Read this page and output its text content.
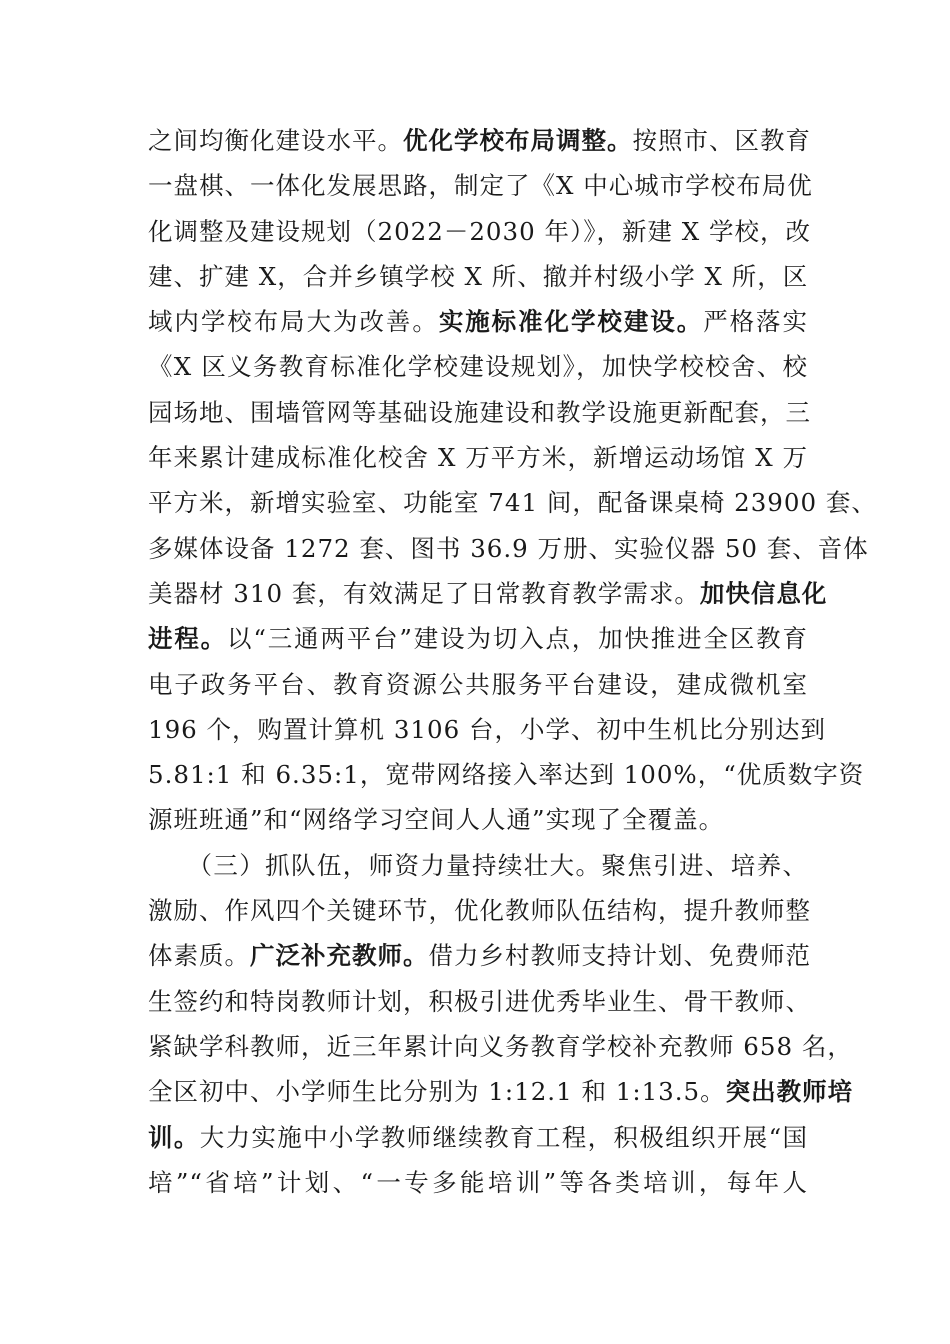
之间均衡化建设水平。优化学校布局调整。按照市、区教育
一盘棋、一体化发展思路，制定了《X 中心城市学校布局优
化调整及建设规划（2022－2030 年）》，新建 X 学校，改
建、扩建 X，合并乡镇学校 X 所、撤并村级小学 X 所，区
域内学校布局大为改善。实施标准化学校建设。严格落实
《X 区义务教育标准化学校建设规划》，加快学校校舍、校
园场地、围墙管网等基础设施建设和教学设施更新配套，三
年来累计建成标准化校舍 X 万平方米，新增运动场馆 X 万
平方米，新增实验室、功能室 741 间，配备课桌椅 23900 套、
多媒体设备 1272 套、图书 36.9 万册、实验仪器 50 套、音体
美器材 310 套，有效满足了日常教育教学需求。加快信息化
进程。以“三通两平台”建设为切入点，加快推进全区教育
电子政务平台、教育资源公共服务平台建设，建成微机室
196 个，购置计算机 3106 台，小学、初中生机比分别达到
5.81:1 和 6.35:1，宽带网络接入率达到 100%，“优质数字资
源班班通”和“网络学习空间人人通”实现了全覆盖。
　　（三）抓队伍，师资力量持续壮大。聚焦引进、培养、
激励、作风四个关键环节，优化教师队伍结构，提升教师整
体素质。广泛补充教师。借力乡村教师支持计划、免费师范
生签约和特岗教师计划，积极引进优秀毕业生、骨干教师、
紧缺学科教师，近三年累计向义务教育学校补充教师 658 名，
全区初中、小学师生比分别为 1:12.1 和 1:13.5。突出教师培
训。大力实施中小学教师继续教育工程，积极组织开展“国
培”“省培”计划、“一专多能培训”等各类培训，每年人
